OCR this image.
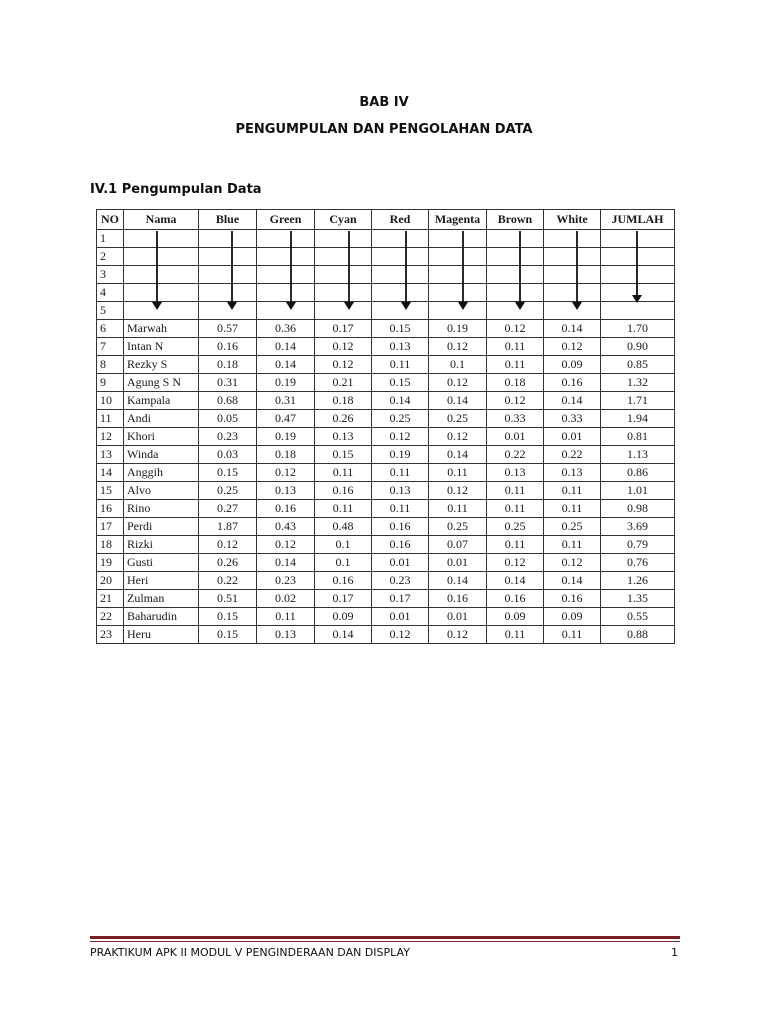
BAB IV
PENGUMPULAN DAN PENGOLAHAN DATA
IV.1 Pengumpulan Data
NO	Nama	Blue	Green	Cyan	Red	Magenta	Brown	White	JUMLAH
1									
2									
3									
4									
5									
6	Marwah	0.57	0.36	0.17	0.15	0.19	0.12	0.14	1.70
7	Intan N	0.16	0.14	0.12	0.13	0.12	0.11	0.12	0.90
8	Rezky S	0.18	0.14	0.12	0.11	0.1	0.11	0.09	0.85
9	Agung S N	0.31	0.19	0.21	0.15	0.12	0.18	0.16	1.32
10	Kampala	0.68	0.31	0.18	0.14	0.14	0.12	0.14	1.71
11	Andi	0.05	0.47	0.26	0.25	0.25	0.33	0.33	1.94
12	Khori	0.23	0.19	0.13	0.12	0.12	0.01	0.01	0.81
13	Winda	0.03	0.18	0.15	0.19	0.14	0.22	0.22	1.13
14	Anggih	0.15	0.12	0.11	0.11	0.11	0.13	0.13	0.86
15	Alvo	0.25	0.13	0.16	0.13	0.12	0.11	0.11	1.01
16	Rino	0.27	0.16	0.11	0.11	0.11	0.11	0.11	0.98
17	Perdi	1.87	0.43	0.48	0.16	0.25	0.25	0.25	3.69
18	Rizki	0.12	0.12	0.1	0.16	0.07	0.11	0.11	0.79
19	Gusti	0.26	0.14	0.1	0.01	0.01	0.12	0.12	0.76
20	Heri	0.22	0.23	0.16	0.23	0.14	0.14	0.14	1.26
21	Zulman	0.51	0.02	0.17	0.17	0.16	0.16	0.16	1.35
22	Baharudin	0.15	0.11	0.09	0.01	0.01	0.09	0.09	0.55
23	Heru	0.15	0.13	0.14	0.12	0.12	0.11	0.11	0.88
PRAKTIKUM APK II MODUL V PENGINDERAAN DAN DISPLAY	1
